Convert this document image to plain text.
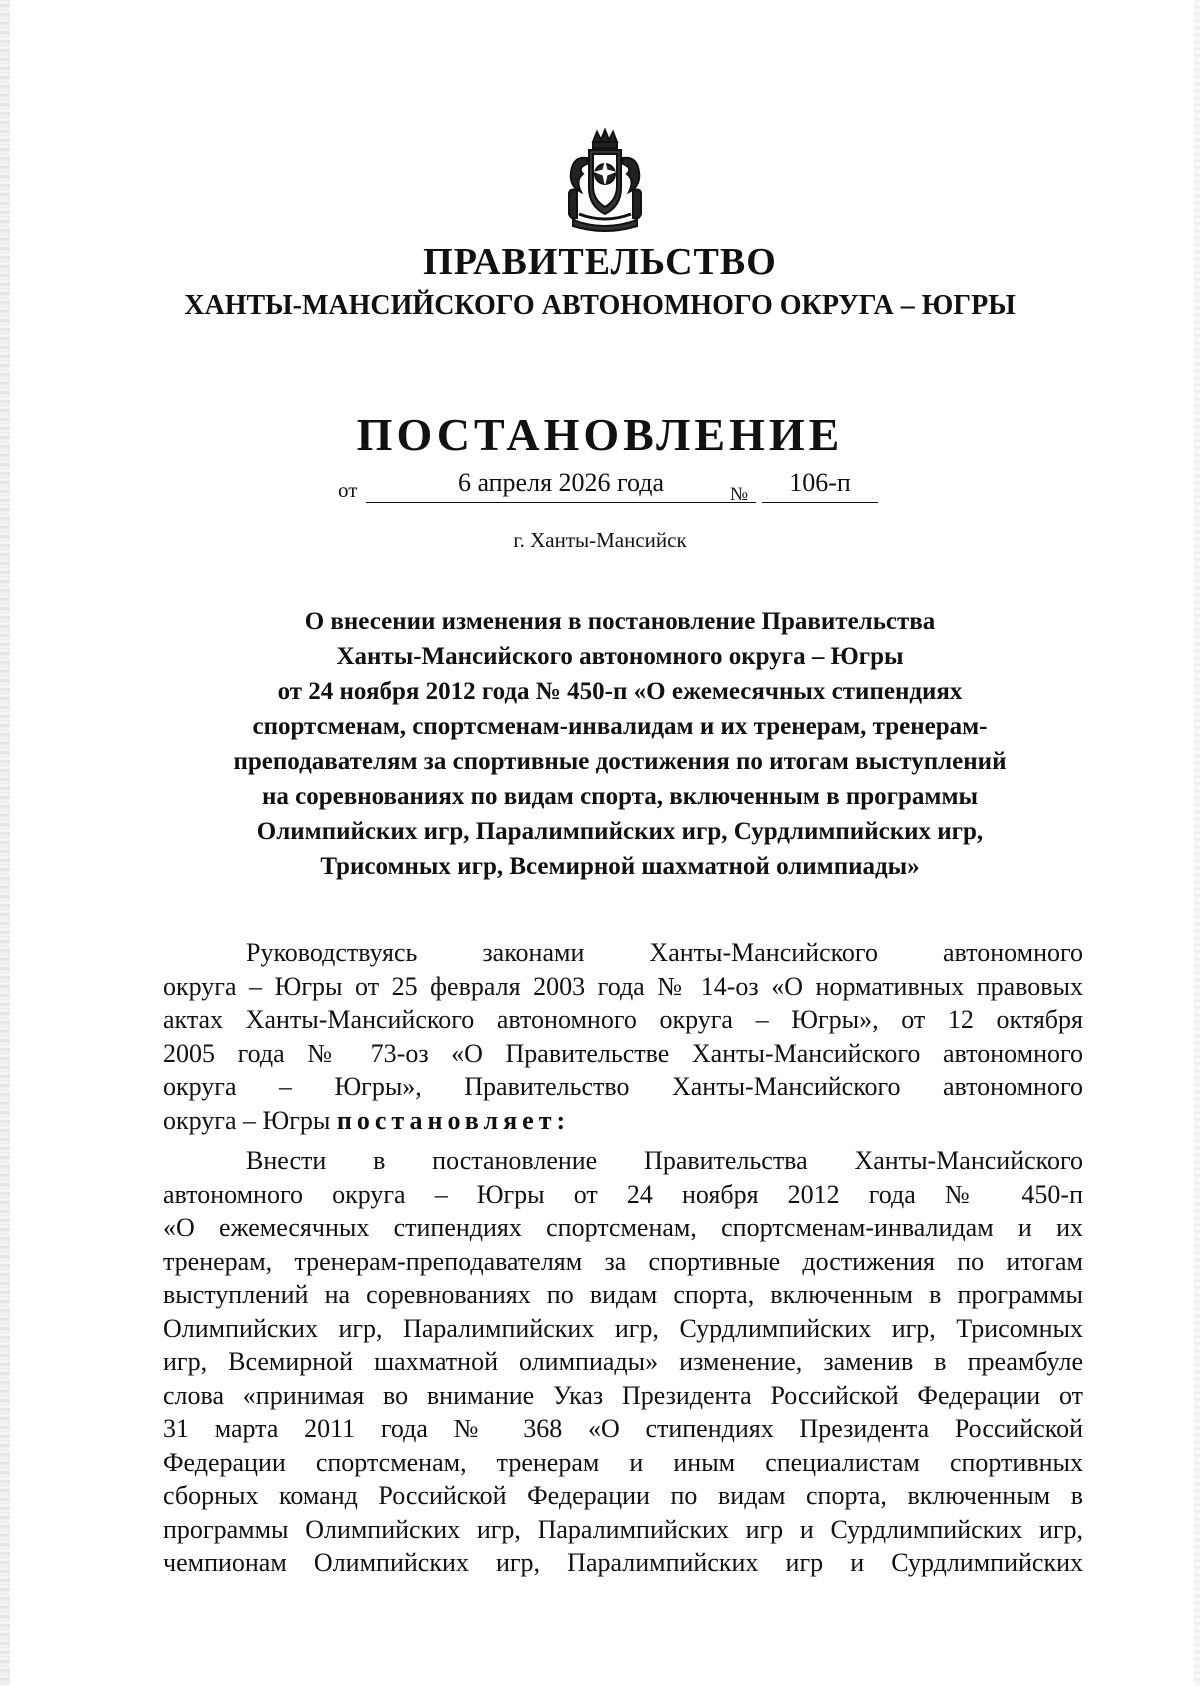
ПРАВИТЕЛЬСТВО
ХАНТЫ-МАНСИЙСКОГО АВТОНОМНОГО ОКРУГА – ЮГРЫ
ПОСТАНОВЛЕНИЕ
от	6 апреля 2026 года	№	106-п

г. Ханты-Мансийск

О внесении изменения в постановление Правительства
Ханты-Мансийского автономного округа – Югры
от 24 ноября 2012 года № 450-п «О ежемесячных стипендиях
спортсменам, спортсменам-инвалидам и их тренерам, тренерам-
преподавателям за спортивные достижения по итогам выступлений
на соревнованиях по видам спорта, включенным в программы
Олимпийских игр, Паралимпийских игр, Сурдлимпийских игр,
Трисомных игр, Всемирной шахматной олимпиады»
Руководствуясь законами Ханты-Мансийского автономного
округа – Югры от 25 февраля 2003 года № 14-оз «О нормативных правовых
актах Ханты-Мансийского автономного округа – Югры», от 12 октября
2005 года № 73-оз «О Правительстве Ханты-Мансийского автономного
округа – Югры», Правительство Ханты-Мансийского автономного
округа – Югры постановляет:
Внести в постановление Правительства Ханты-Мансийского
автономного округа – Югры от 24 ноября 2012 года № 450-п
«О ежемесячных стипендиях спортсменам, спортсменам-инвалидам и их
тренерам, тренерам-преподавателям за спортивные достижения по итогам
выступлений на соревнованиях по видам спорта, включенным в программы
Олимпийских игр, Паралимпийских игр, Сурдлимпийских игр, Трисомных
игр, Всемирной шахматной олимпиады» изменение, заменив в преамбуле
слова «принимая во внимание Указ Президента Российской Федерации от
31 марта 2011 года № 368 «О стипендиях Президента Российской
Федерации спортсменам, тренерам и иным специалистам спортивных
сборных команд Российской Федерации по видам спорта, включенным в
программы Олимпийских игр, Паралимпийских игр и Сурдлимпийских игр,
чемпионам Олимпийских игр, Паралимпийских игр и Сурдлимпийских
